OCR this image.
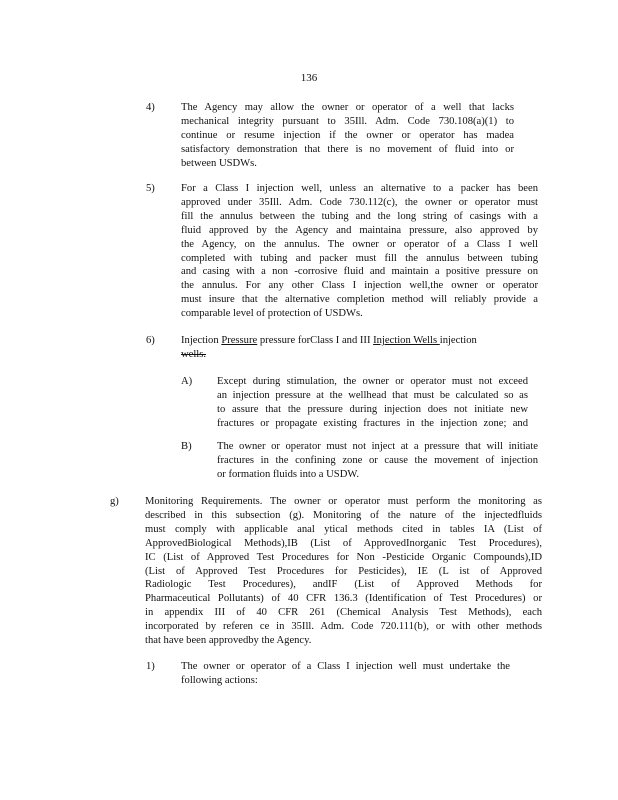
136
4) The Agency may allow the owner or operator of a well that lacks
mechanical integrity pursuant to 35Ill. Adm. Code 730.108(a)(1) to
continue or resume injection if the owner or operator has madea
satisfactory demonstration that there is no movement of fluid into or
between USDWs.
5) For a Class I injection well, unless an alternative to a packer has been
approved under 35Ill. Adm. Code 730.112(c), the owner or operator must
fill the annulus between the tubing and the long string of casings with a
fluid approved by the Agency and maintaina pressure, also approved by
the Agency, on the annulus. The owner or operator of a Class I well
completed with tubing and packer must fill the annulus between tubing
and casing with a non -corrosive fluid and maintain a positive pressure on
the annulus. For any other Class I injection well,the owner or operator
must insure that the alternative completion method will reliably provide a
comparable level of protection of USDWs.
6) Injection Pressure pressure forClass I and III Injection Wells injection
wells.
A) Except during stimulation, the owner or operator must not exceed
an injection pressure at the wellhead that must be calculated so as
to assure that the pressure during injection does not initiate new
fractures or propagate existing fractures in the injection zone; and
B) The owner or operator must not inject at a pressure that will initiate
fractures in the confining zone or cause the movement of injection
or formation fluids into a USDW.
g) Monitoring Requirements. The owner or operator must perform the monitoring as
described in this subsection (g). Monitoring of the nature of the injectedfluids
must comply with applicable anal ytical methods cited in tables IA (List of
ApprovedBiological Methods),IB (List of ApprovedInorganic Test Procedures),
IC (List of Approved Test Procedures for Non -Pesticide Organic Compounds),ID
(List of Approved Test Procedures for Pesticides), IE (L ist of Approved
Radiologic Test Procedures), andIF (List of Approved Methods for
Pharmaceutical Pollutants) of 40 CFR 136.3 (Identification of Test Procedures) or
in appendix III of 40 CFR 261 (Chemical Analysis Test Methods), each
incorporated by referen ce in 35Ill. Adm. Code 720.111(b), or with other methods
that have been approvedby the Agency.
1) The owner or operator of a Class I injection well must undertake the
following actions:
